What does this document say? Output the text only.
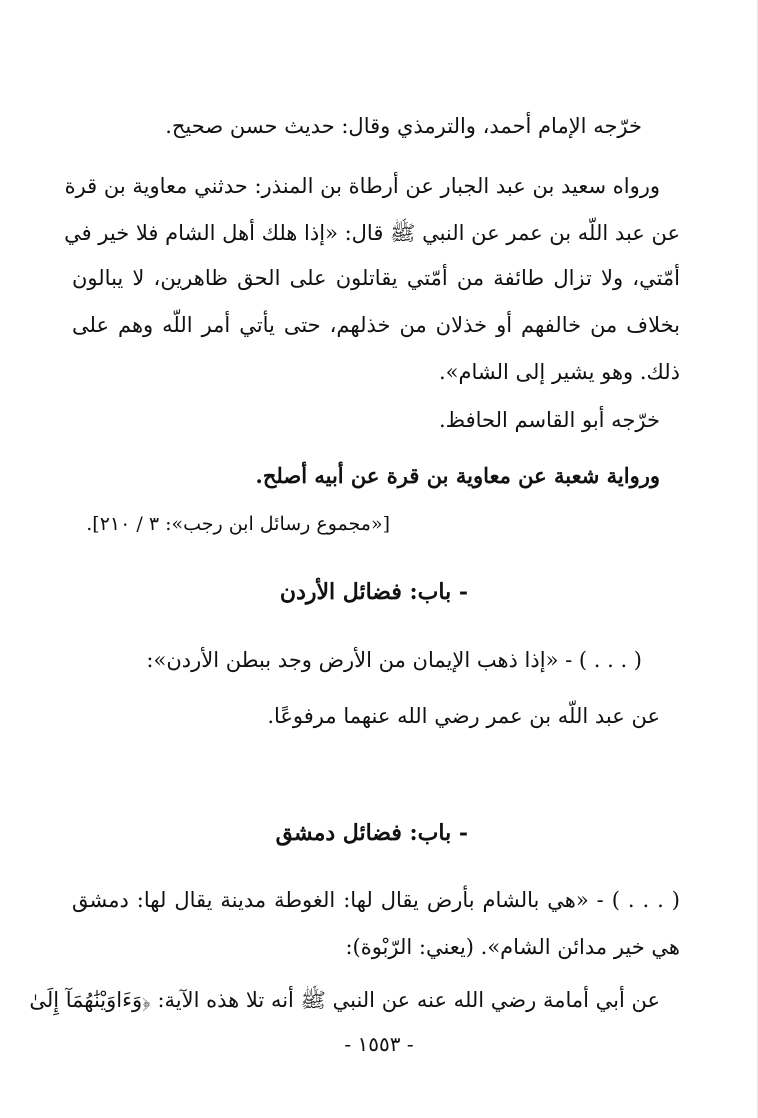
خرّجه الإمام أحمد، والترمذي وقال: حديث حسن صحيح.
ورواه سعيد بن عبد الجبار عن أرطاة بن المنذر: حدثني معاوية بن قرة
عن عبد اللّه بن عمر عن النبي ﷺ قال: «إذا هلك أهل الشام فلا خير في
أمّتي، ولا تزال طائفة من أمّتي يقاتلون على الحق ظاهرين، لا يبالون
بخلاف من خالفهم أو خذلان من خذلهم، حتى يأتي أمر اللّه وهم على
ذلك. وهو يشير إلى الشام».
خرّجه أبو القاسم الحافظ.
ورواية شعبة عن معاوية بن قرة عن أبيه أصلح.
[«مجموع رسائل ابن رجب»: ٣ / ٢١٠].
- باب: فضائل الأردن
( . . . ) - «إذا ذهب الإيمان من الأرض وجد ببطن الأردن»:
عن عبد اللّه بن عمر رضي الله عنهما مرفوعًا.
- باب: فضائل دمشق
( . . . ) - «هي بالشام بأرض يقال لها: الغوطة مدينة يقال لها: دمشق
هي خير مدائن الشام». (يعني: الرّبْوة):
عن أبي أمامة رضي الله عنه عن النبي ﷺ أنه تلا هذه الآية: ﴿وَءَاوَيْنَٰهُمَآ إِلَىٰ
- ١٥٥٣ -
